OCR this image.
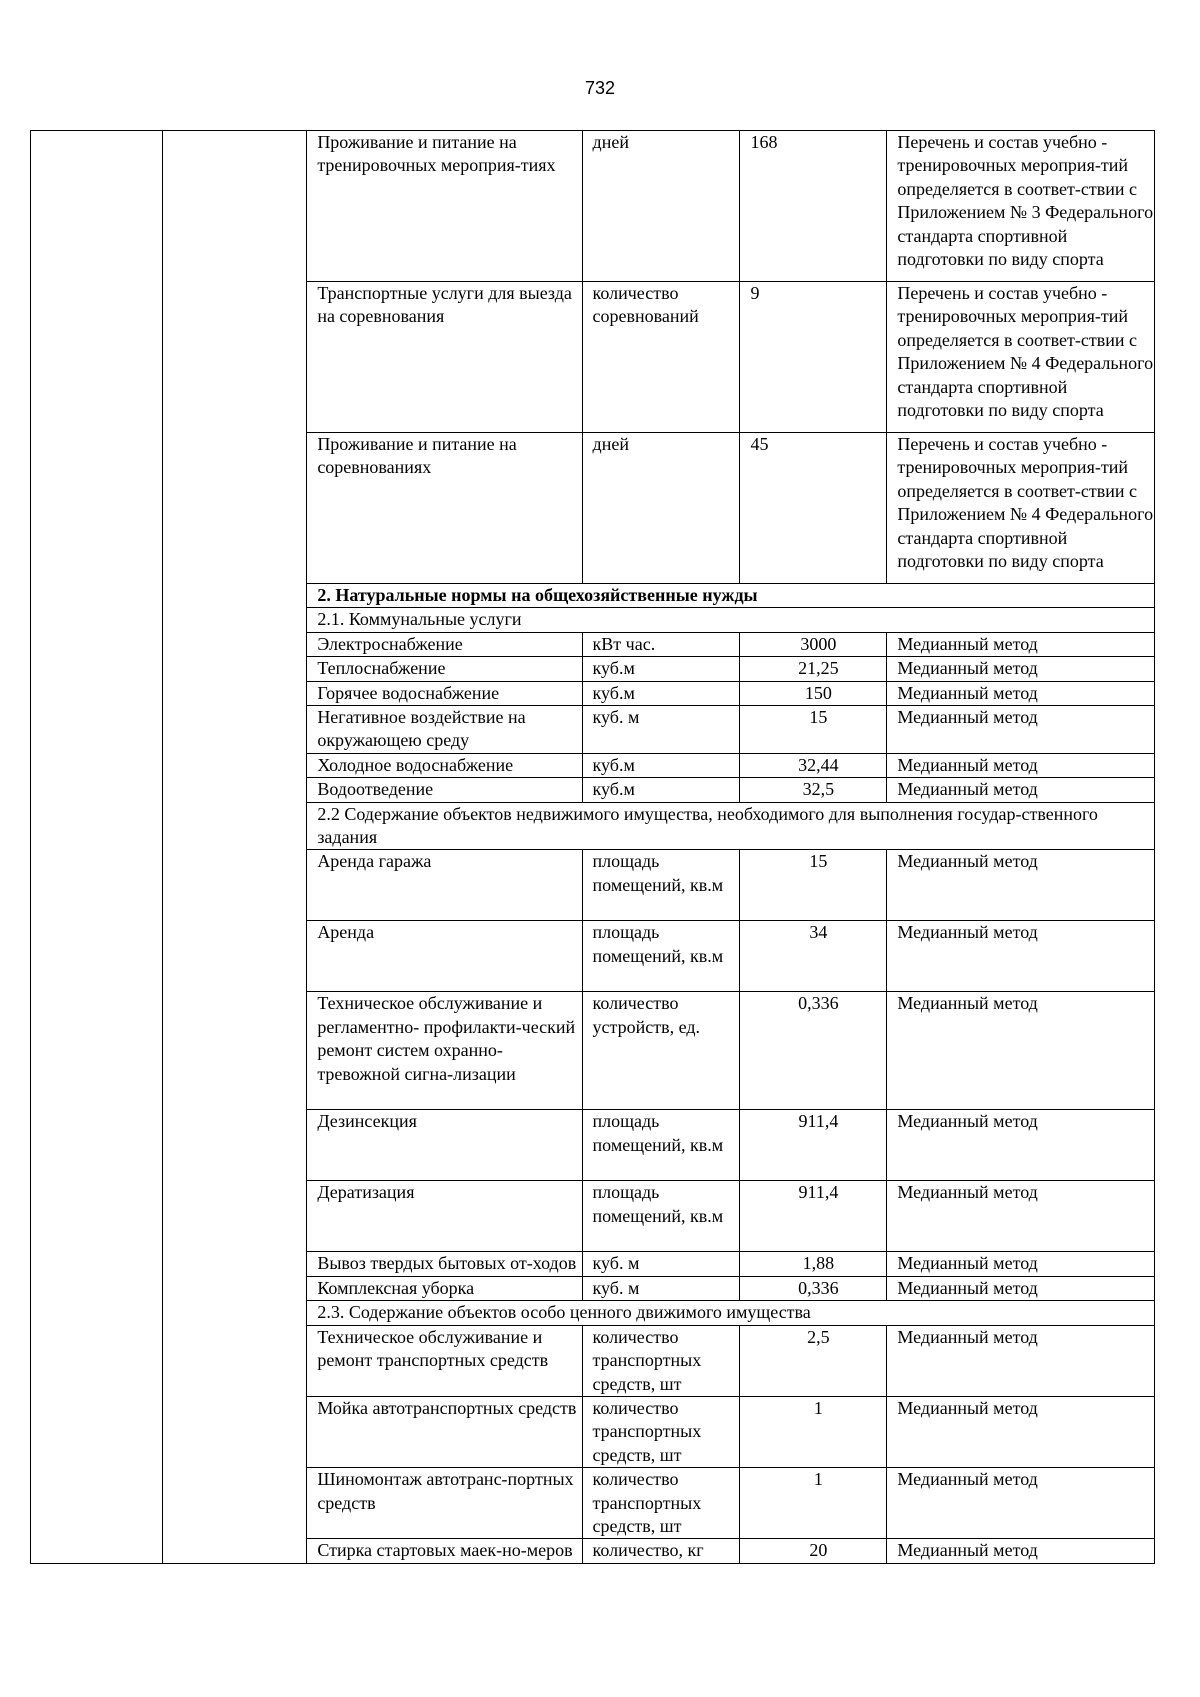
732
		Проживание и питание на тренировочных мероприя-тиях	дней	168	Перечень и состав учебно - тренировочных мероприя-тий определяется в соответ-ствии с Приложением № 3 Федерального стандарта спортивной подготовки по виду спорта
		Транспортные услуги для выезда на соревнования	количество соревнований	9	Перечень и состав учебно - тренировочных мероприя-тий определяется в соответ-ствии с Приложением № 4 Федерального стандарта спортивной подготовки по виду спорта
		Проживание и питание на соревнованиях	дней	45	Перечень и состав учебно - тренировочных мероприя-тий определяется в соответ-ствии с Приложением № 4 Федерального стандарта спортивной подготовки по виду спорта
		2. Натуральные нормы на общехозяйственные нужды			
		2.1. Коммунальные услуги			
		Электроснабжение	кВт час.	3000	Медианный метод
		Теплоснабжение	куб.м	21,25	Медианный метод
		Горячее водоснабжение	куб.м	150	Медианный метод
		Негативное воздействие на окружающею среду	куб. м	15	Медианный метод
		Холодное водоснабжение	куб.м	32,44	Медианный метод
		Водоотведение	куб.м	32,5	Медианный метод
		2.2 Содержание объектов недвижимого имущества, необходимого для выполнения государ-ственного задания			
		Аренда гаража	площадь помещений, кв.м	15	Медианный метод
		Аренда	площадь помещений, кв.м	34	Медианный метод
		Техническое обслуживание и регламентно- профилакти-ческий ремонт систем охранно-тревожной сигна-лизации	количество устройств, ед.	0,336	Медианный метод
		Дезинсекция	площадь помещений, кв.м	911,4	Медианный метод
		Дератизация	площадь помещений, кв.м	911,4	Медианный метод
		Вывоз твердых бытовых от-ходов	куб. м	1,88	Медианный метод
		Комплексная уборка	куб. м	0,336	Медианный метод
		2.3. Содержание объектов особо ценного движимого имущества			
		Техническое обслуживание и ремонт транспортных средств	количество транспортных средств, шт	2,5	Медианный метод
		Мойка автотранспортных средств	количество транспортных средств, шт	1	Медианный метод
		Шиномонтаж автотранс-портных средств	количество транспортных средств, шт	1	Медианный метод
		Стирка стартовых маек-но-меров	количество, кг	20	Медианный метод
